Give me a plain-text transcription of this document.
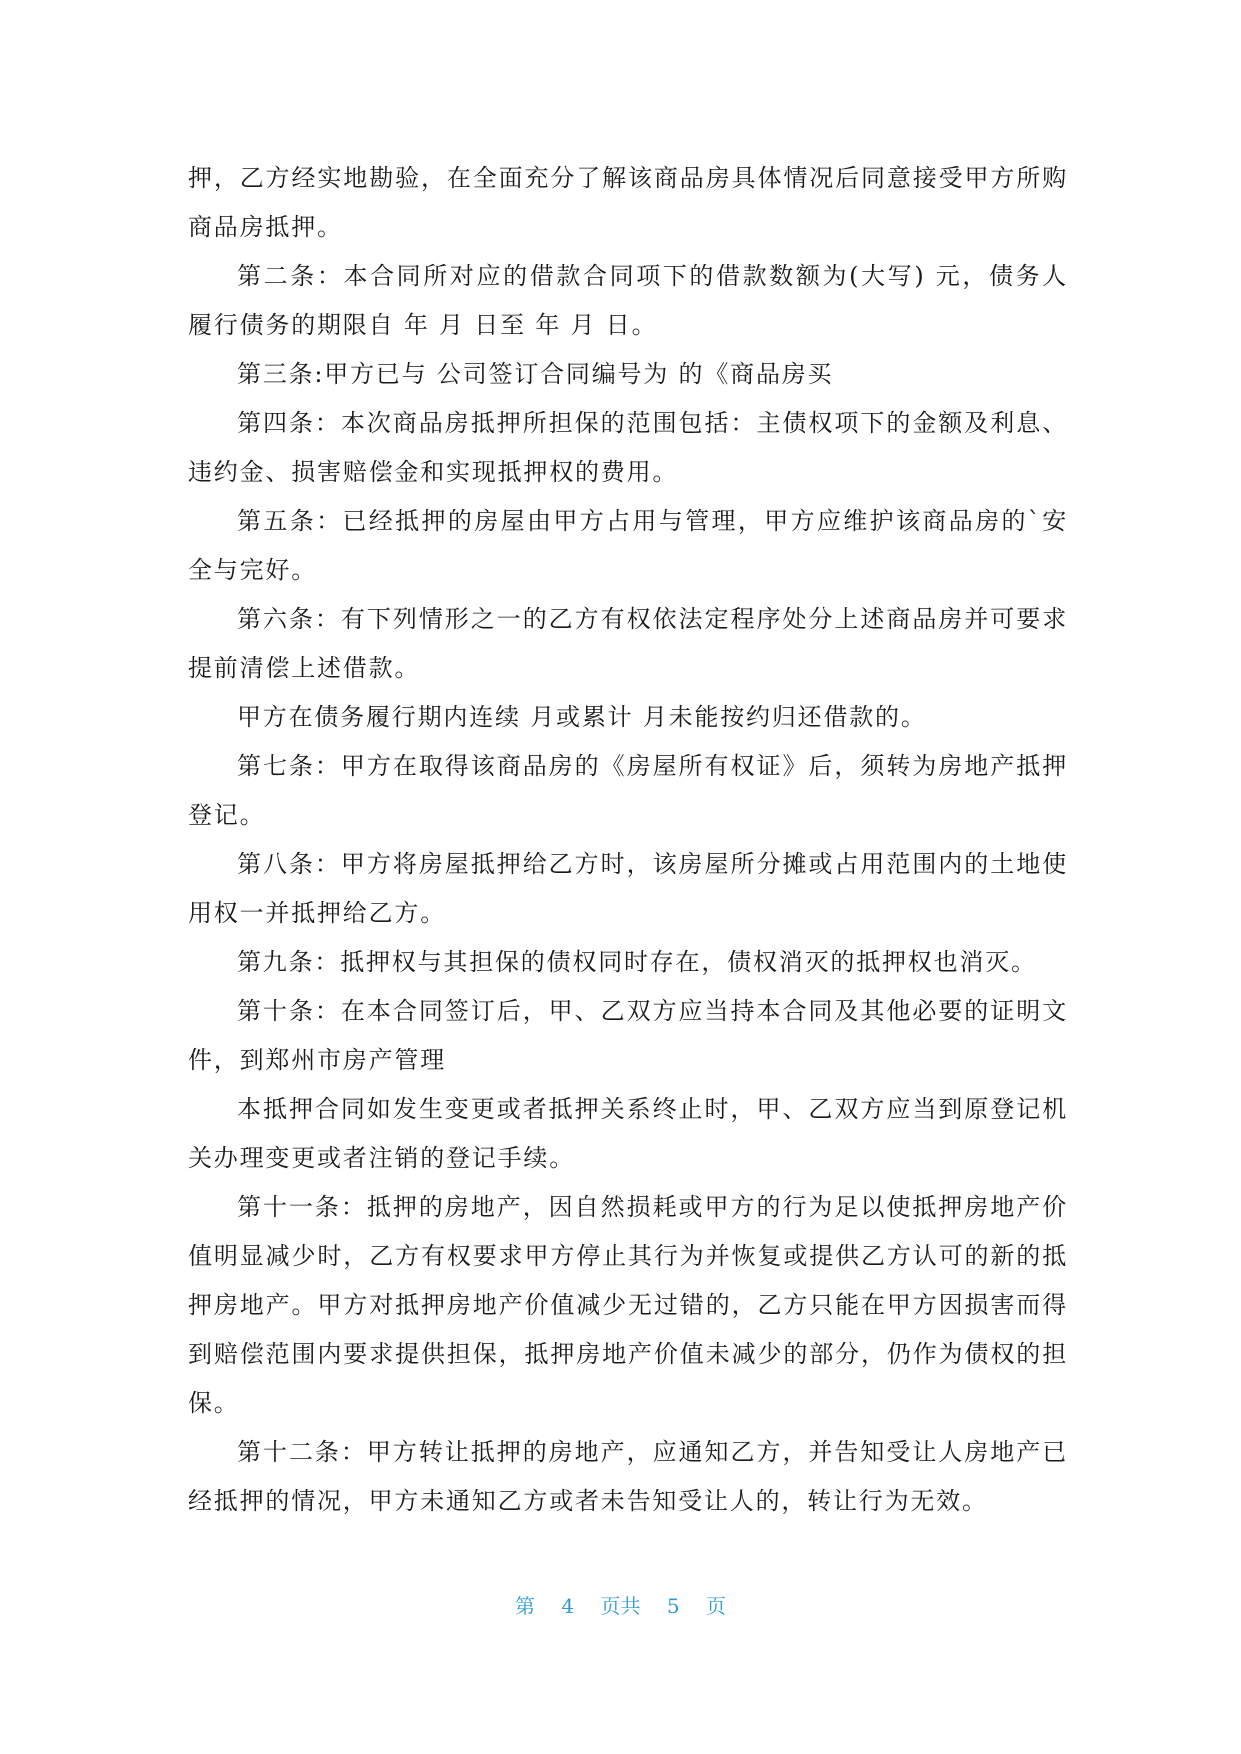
押，乙方经实地勘验，在全面充分了解该商品房具体情况后同意接受甲方所购商品房抵押。

第二条：本合同所对应的借款合同项下的借款数额为(大写) 元，债务人履行债务的期限自 年 月 日至 年 月 日。

第三条:甲方已与 公司签订合同编号为 的《商品房买

第四条：本次商品房抵押所担保的范围包括：主债权项下的金额及利息、违约金、损害赔偿金和实现抵押权的费用。

第五条：已经抵押的房屋由甲方占用与管理，甲方应维护该商品房的`安全与完好。

第六条：有下列情形之一的乙方有权依法定程序处分上述商品房并可要求提前清偿上述借款。

甲方在债务履行期内连续 月或累计 月未能按约归还借款的。

第七条：甲方在取得该商品房的《房屋所有权证》后，须转为房地产抵押登记。

第八条：甲方将房屋抵押给乙方时，该房屋所分摊或占用范围内的土地使用权一并抵押给乙方。

第九条：抵押权与其担保的债权同时存在，债权消灭的抵押权也消灭。

第十条：在本合同签订后，甲、乙双方应当持本合同及其他必要的证明文件，到郑州市房产管理

本抵押合同如发生变更或者抵押关系终止时，甲、乙双方应当到原登记机关办理变更或者注销的登记手续。

第十一条：抵押的房地产，因自然损耗或甲方的行为足以使抵押房地产价值明显减少时，乙方有权要求甲方停止其行为并恢复或提供乙方认可的新的抵押房地产。甲方对抵押房地产价值减少无过错的，乙方只能在甲方因损害而得到赔偿范围内要求提供担保，抵押房地产价值未减少的部分，仍作为债权的担保。

第十二条：甲方转让抵押的房地产，应通知乙方，并告知受让人房地产已经抵押的情况，甲方未通知乙方或者未告知受让人的，转让行为无效。

第 4 页共 5 页
